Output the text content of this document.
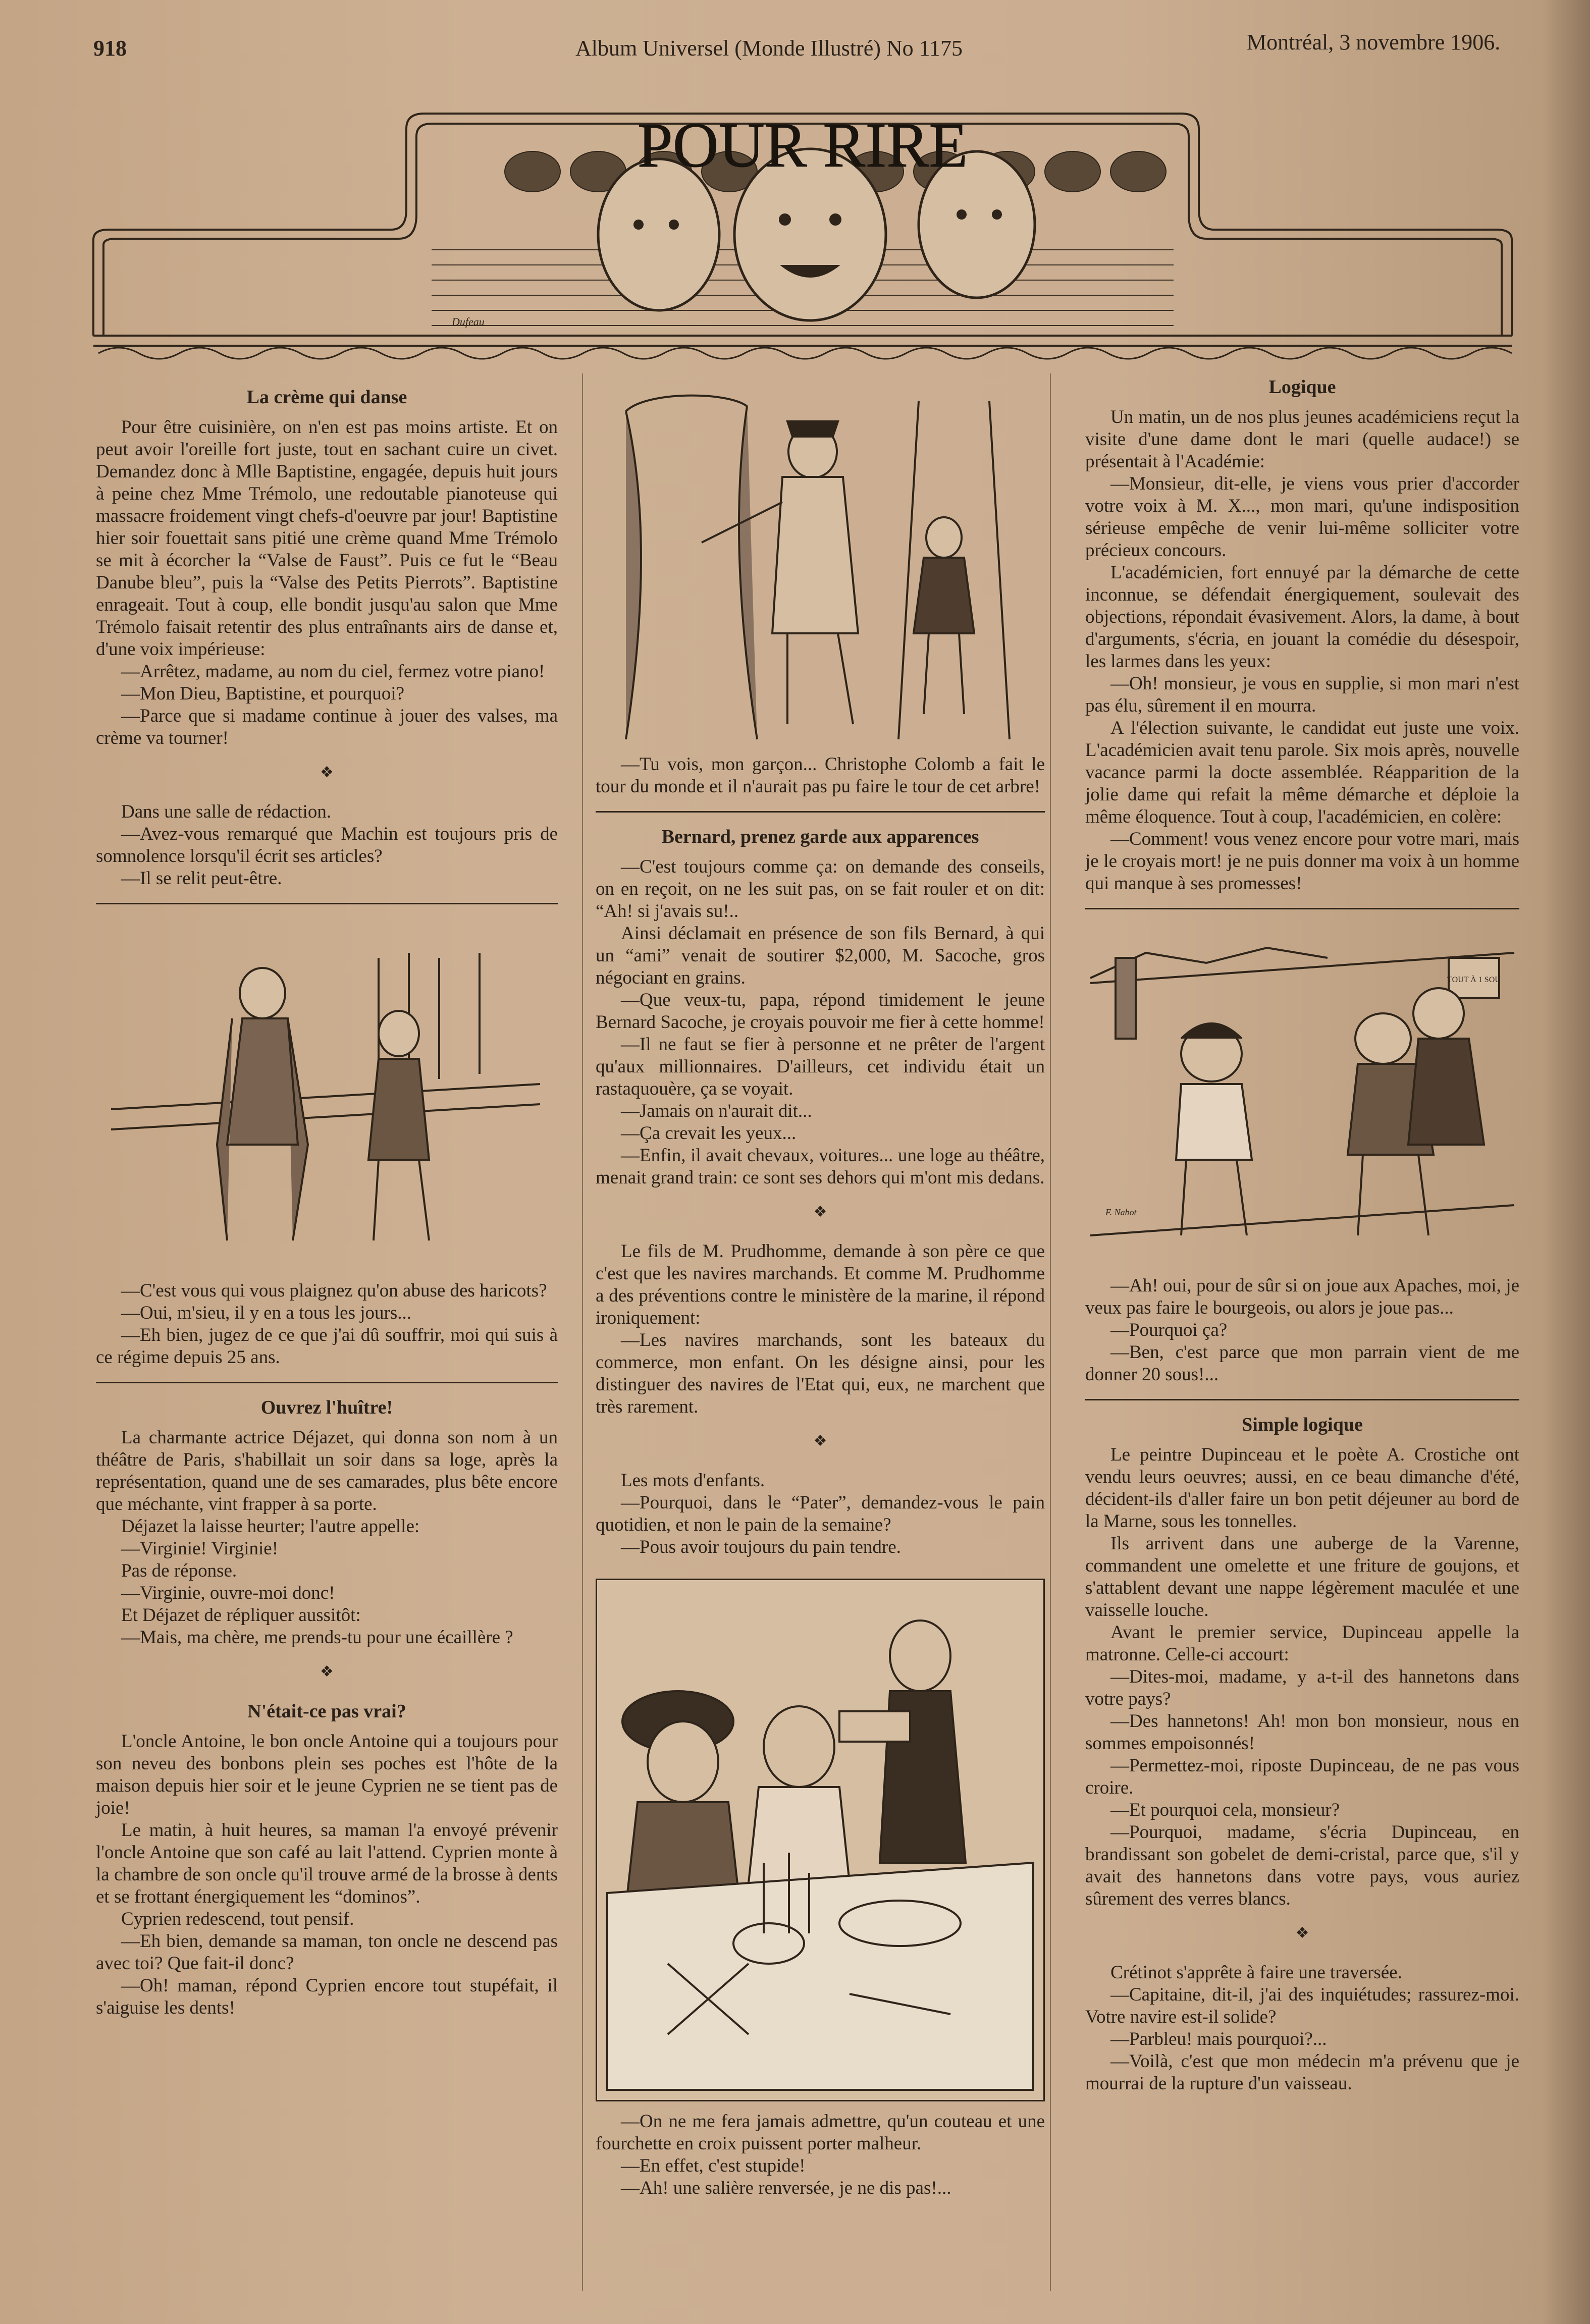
918	Album Universel (Monde Illustré) No 1175	Montréal, 3 novembre 1906.
POUR RIRE
Dufeau
La crème qui danse

Pour être cuisinière, on n'en est pas moins artiste. Et on peut avoir l'oreille fort juste, tout en sachant cuire un civet. Demandez donc à Mlle Baptistine, engagée, depuis huit jours à peine chez Mme Trémolo, une redoutable pianoteuse qui massacre froidement vingt chefs-d'oeuvre par jour! Baptistine hier soir fouettait sans pitié une crème quand Mme Trémolo se mit à écorcher la “Valse de Faust”. Puis ce fut le “Beau Danube bleu”, puis la “Valse des Petits Pierrots”. Baptistine enrageait. Tout à coup, elle bondit jusqu'au salon que Mme Trémolo faisait retentir des plus entraînants airs de danse et, d'une voix impérieuse:

—Arrêtez, madame, au nom du ciel, fermez votre piano!

—Mon Dieu, Baptistine, et pourquoi?

—Parce que si madame continue à jouer des valses, ma crème va tourner!

❖

Dans une salle de rédaction.

—Avez-vous remarqué que Machin est toujours pris de somnolence lorsqu'il écrit ses articles?

—Il se relit peut-être.

—C'est vous qui vous plaignez qu'on abuse des haricots?

—Oui, m'sieu, il y en a tous les jours...

—Eh bien, jugez de ce que j'ai dû souffrir, moi qui suis à ce régime depuis 25 ans.

Ouvrez l'huître!

La charmante actrice Déjazet, qui donna son nom à un théâtre de Paris, s'habillait un soir dans sa loge, après la représentation, quand une de ses camarades, plus bête encore que méchante, vint frapper à sa porte.

Déjazet la laisse heurter; l'autre appelle:

—Virginie! Virginie!

Pas de réponse.

—Virginie, ouvre-moi donc!

Et Déjazet de répliquer aussitôt:

—Mais, ma chère, me prends-tu pour une écaillère ?

❖
N'était-ce pas vrai?

L'oncle Antoine, le bon oncle Antoine qui a toujours pour son neveu des bonbons plein ses poches est l'hôte de la maison depuis hier soir et le jeune Cyprien ne se tient pas de joie!

Le matin, à huit heures, sa maman l'a envoyé prévenir l'oncle Antoine que son café au lait l'attend. Cyprien monte à la chambre de son oncle qu'il trouve armé de la brosse à dents et se frottant énergiquement les “dominos”.

Cyprien redescend, tout pensif.

—Eh bien, demande sa maman, ton oncle ne descend pas avec toi? Que fait-il donc?

—Oh! maman, répond Cyprien encore tout stupéfait, il s'aiguise les dents!

—Tu vois, mon garçon... Christophe Colomb a fait le tour du monde et il n'aurait pas pu faire le tour de cet arbre!

Bernard, prenez garde aux apparences

—C'est toujours comme ça: on demande des conseils, on en reçoit, on ne les suit pas, on se fait rouler et on dit: “Ah! si j'avais su!..

Ainsi déclamait en présence de son fils Bernard, à qui un “ami” venait de soutirer $2,000, M. Sacoche, gros négociant en grains.

—Que veux-tu, papa, répond timidement le jeune Bernard Sacoche, je croyais pouvoir me fier à cette homme!

—Il ne faut se fier à personne et ne prêter de l'argent qu'aux millionnaires. D'ailleurs, cet individu était un rastaquouère, ça se voyait.

—Jamais on n'aurait dit...

—Ça crevait les yeux...

—Enfin, il avait chevaux, voitures... une loge au théâtre, menait grand train: ce sont ses dehors qui m'ont mis dedans.

❖

Le fils de M. Prudhomme, demande à son père ce que c'est que les navires marchands. Et comme M. Prudhomme a des préventions contre le ministère de la marine, il répond ironiquement:

—Les navires marchands, sont les bateaux du commerce, mon enfant. On les désigne ainsi, pour les distinguer des navires de l'Etat qui, eux, ne marchent que très rarement.

❖

Les mots d'enfants.

—Pourquoi, dans le “Pater”, demandez-vous le pain quotidien, et non le pain de la semaine?

—Pous avoir toujours du pain tendre.

—On ne me fera jamais admettre, qu'un couteau et une fourchette en croix puissent porter malheur.

—En effet, c'est stupide!

—Ah! une salière renversée, je ne dis pas!...

Logique

Un matin, un de nos plus jeunes académiciens reçut la visite d'une dame dont le mari (quelle audace!) se présentait à l'Académie:

—Monsieur, dit-elle, je viens vous prier d'accorder votre voix à M. X..., mon mari, qu'une indisposition sérieuse empêche de venir lui-même solliciter votre précieux concours.

L'académicien, fort ennuyé par la démarche de cette inconnue, se défendait énergiquement, soulevait des objections, répondait évasivement. Alors, la dame, à bout d'arguments, s'écria, en jouant la comédie du désespoir, les larmes dans les yeux:

—Oh! monsieur, je vous en supplie, si mon mari n'est pas élu, sûrement il en mourra.

A l'élection suivante, le candidat eut juste une voix. L'académicien avait tenu parole. Six mois après, nouvelle vacance parmi la docte assemblée. Réapparition de la jolie dame qui refait la même démarche et déploie la même éloquence. Tout à coup, l'académicien, en colère:

—Comment! vous venez encore pour votre mari, mais je le croyais mort! je ne puis donner ma voix à un homme qui manque à ses promesses!

TOUT À 1 SOU
F. Nabot

—Ah! oui, pour de sûr si on joue aux Apaches, moi, je veux pas faire le bourgeois, ou alors je joue pas...

—Pourquoi ça?

—Ben, c'est parce que mon parrain vient de me donner 20 sous!...

Simple logique

Le peintre Dupinceau et le poète A. Crostiche ont vendu leurs oeuvres; aussi, en ce beau dimanche d'été, décident-ils d'aller faire un bon petit déjeuner au bord de la Marne, sous les tonnelles.

Ils arrivent dans une auberge de la Varenne, commandent une omelette et une friture de goujons, et s'attablent devant une nappe légèrement maculée et une vaisselle louche.

Avant le premier service, Dupinceau appelle la matronne. Celle-ci accourt:

—Dites-moi, madame, y a-t-il des hannetons dans votre pays?

—Des hannetons! Ah! mon bon monsieur, nous en sommes empoisonnés!

—Permettez-moi, riposte Dupinceau, de ne pas vous croire.

—Et pourquoi cela, monsieur?

—Pourquoi, madame, s'écria Dupinceau, en brandissant son gobelet de demi-cristal, parce que, s'il y avait des hannetons dans votre pays, vous auriez sûrement des verres blancs.

❖

Crétinot s'apprête à faire une traversée.

—Capitaine, dit-il, j'ai des inquiétudes; rassurez-moi. Votre navire est-il solide?

—Parbleu! mais pourquoi?...

—Voilà, c'est que mon médecin m'a prévenu que je mourrai de la rupture d'un vaisseau.
